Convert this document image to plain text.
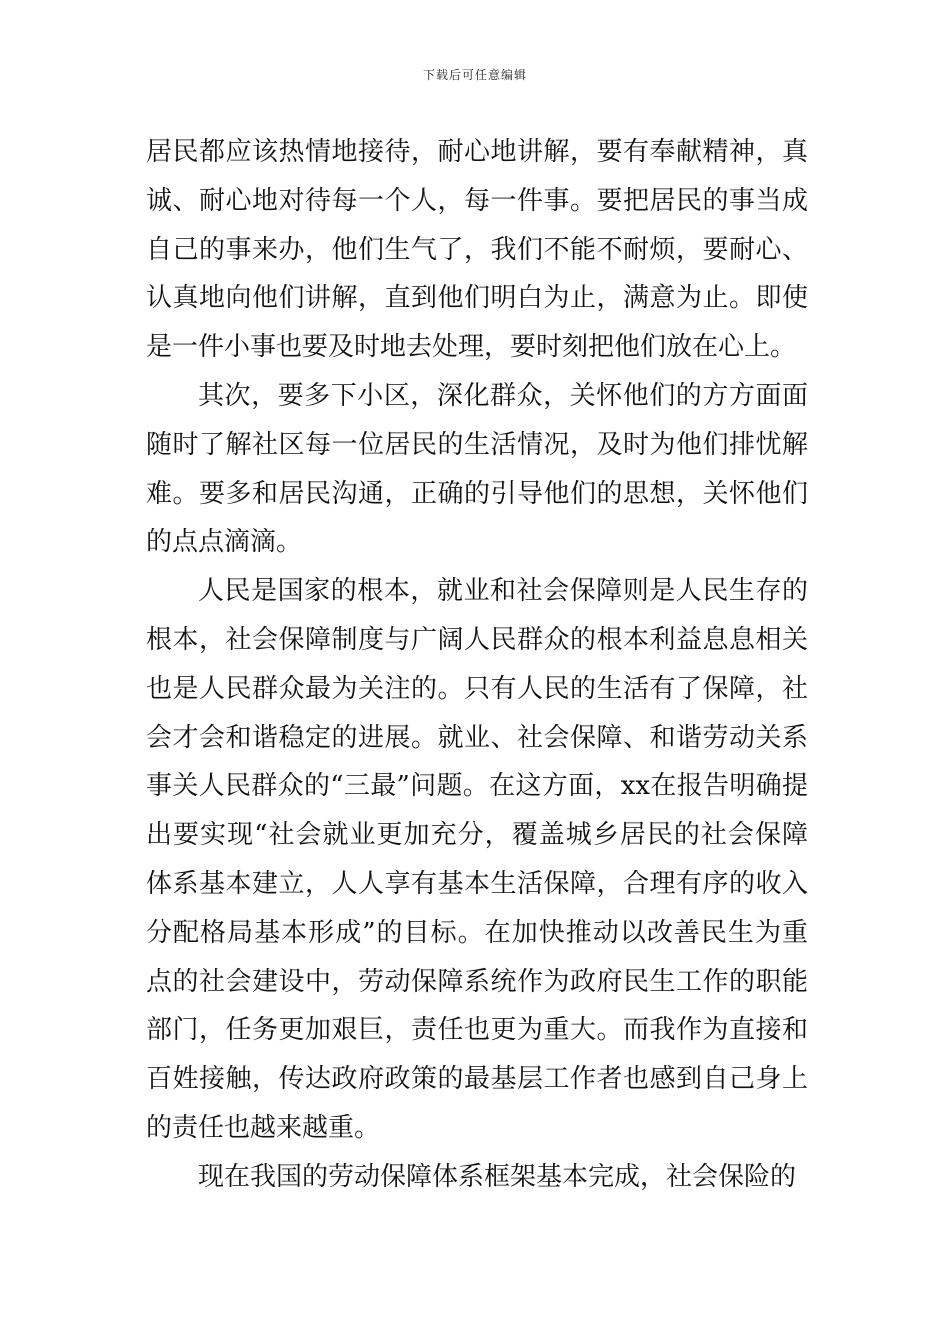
下载后可任意编辑

居民都应该热情地接待，耐心地讲解，要有奉献精神，真诚、耐心地对待每一个人，每一件事。要把居民的事当成自己的事来办，他们生气了，我们不能不耐烦，要耐心、认真地向他们讲解，直到他们明白为止，满意为止。即使是一件小事也要及时地去处理，要时刻把他们放在心上。

其次，要多下小区，深化群众，关怀他们的方方面面随时了解社区每一位居民的生活情况，及时为他们排忧解难。要多和居民沟通，正确的引导他们的思想，关怀他们的点点滴滴。

人民是国家的根本，就业和社会保障则是人民生存的根本，社会保障制度与广阔人民群众的根本利益息息相关也是人民群众最为关注的。只有人民的生活有了保障，社会才会和谐稳定的进展。就业、社会保障、和谐劳动关系事关人民群众的“三最”问题。在这方面，xx在报告明确提出要实现“社会就业更加充分，覆盖城乡居民的社会保障体系基本建立，人人享有基本生活保障，合理有序的收入分配格局基本形成”的目标。在加快推动以改善民生为重点的社会建设中，劳动保障系统作为政府民生工作的职能部门，任务更加艰巨，责任也更为重大。而我作为直接和百姓接触，传达政府政策的最基层工作者也感到自己身上的责任也越来越重。

现在我国的劳动保障体系框架基本完成，社会保险的
